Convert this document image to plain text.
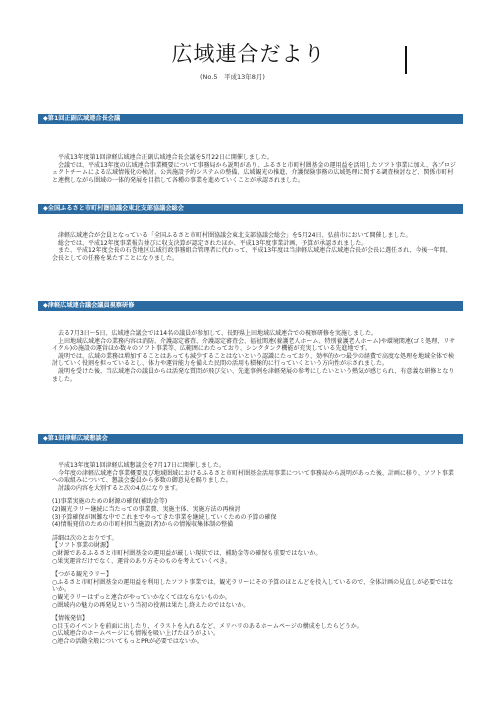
広域連合だより
(No.5　平成13年8月)
◆第1回正副広域連合長会議

平成13年度第1回津軽広域連合正副広域連合長会議を5月22日に開催しました。

会議では、平成13年度の広域連合事業概要について事務局から説明があり、ふるさと市町村圏基金の運用益を活用したソフト事業に加え、各プロジェクトチームによる広域情報化の検討、公共施設予約システムの整備、広域観光の推進、介護保険事務の広域処理に関する調査検討など、関係市町村と連携しながら圏域の一体的発展を目指して各種の事業を進めていくことが承認されました。

◆全国ふるさと市町村圏協議会東北支部協議会総会

津軽広域連合が会員となっている「全国ふるさと市町村圏協議会東北支部協議会総会」を5月24日、弘前市において開催しました。

総会では、平成12年度事業報告並びに収支決算が認定されたほか、平成13年度事業計画、予算が承認されました。

また、平成12年度会長の石巻地区広域行政事務組合管理者に代わって、平成13年度は当津軽広域連合広域連合長が会長に選任され、今後一年間、会長としての任務を果たすことになりました。

◆津軽広域連合議会議員視察研修

去る7月3日～5日、広域連合議会では14名の議員が参加して、長野県上田地域広域連合での視察研修を実施しました。

上田地域広域連合の業務内容は消防、介護認定審査、介護認定審査会、福祉関連(養護老人ホーム、特別養護老人ホーム)や環境関連(ゴミ処理、リサイクル)の施設の運営ほか数々のソフト事業等、広範囲にわたっており、シンクタンク機能が充実している先進地です。

説明では、広域の業務は増加することはあっても減少することはないという認識にたっており、効率的かつ最少の経費で高度な処理を地域全体で検討していく役割を担っているとし、体力や運営能力を備えた民間の活用も積極的に行っていくという方向性が示されました。

説明を受けた後、当広域連合の議員からは活発な質問が飛び交い、先進事例を津軽発展の参考にしたいという熱気が感じられ、有意義な研修となりました。

◆第1回津軽広域懇談会

平成13年度第1回津軽広域懇談会を7月17日に開催しました。

今年度の津軽広域連合事業概要及び地域圏域におけるふるさと市町村圏基金活用事業について事務局から説明があった後、計画に移り、ソフト事業への取組みについて、懇談会委員から多数の御意見を賜りました。

討議の内容を大別すると次の4点になります。

(1)事業実施のための財源の確保(補助金等)

(2)観光ラリー継続に当たっての事業費、実施主体、実施方法の再検討

(3)予算確保が困難な中でこれまでやってきた事業を継続していくための予算の確保

(4)情報発信のための市町村担当施設(者)からの情報収集体制の整備

詳細は次のとおりです。

【ソフト事業の財源】

○財源であるふるさと市町村圏基金の運用益が厳しい現状では、補助金等の確保も重要ではないか。

○果実運営だけでなく、運営のあり方そのものを考えていくべき。

【つがる観光ラリー】

○ふるさと市町村圏基金の運用益を利用したソフト事業では、観光ラリーにその予算のほとんどを投入しているので、全体計画の見直しが必要ではないか。

○観光ラリーはずっと連合がやっていかなくてはならないものか。

○圏域内の魅力の再発見という当初の役割は果たし終えたのではないか。

【情報発信】

○目玉のイベントを前面に出したり、イラストを入れるなど、メリハリのあるホームページの構成をしたらどうか。

○広域連合のホームページにも情報を吸い上げたほうがよい。

○連合の活動全般についてもっとPRが必要ではないか。
